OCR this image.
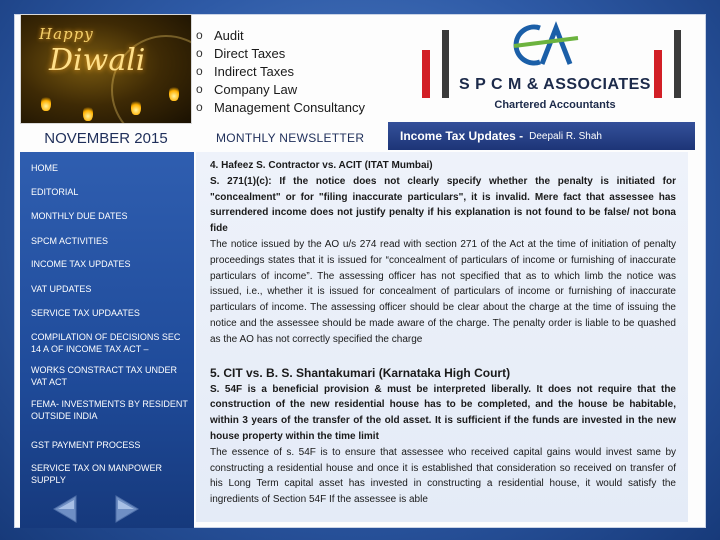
Happy
Diwali
o Audit
o Direct Taxes
o Indirect Taxes
o Company Law
o Management Consultancy
S P C M & ASSOCIATES
Chartered Accountants
NOVEMBER 2015	MONTHLY NEWSLETTER	Income Tax Updates - Deepali R. Shah
HOME
EDITORIAL
MONTHLY DUE DATES
SPCM ACTIVITIES
INCOME TAX UPDATES
VAT UPDATES
SERVICE TAX UPDAATES
COMPILATION OF DECISIONS SEC 14 A OF INCOME TAX ACT –
WORKS CONSTRACT TAX UNDER VAT ACT
FEMA- INVESTMENTS BY RESIDENT OUTSIDE INDIA
GST PAYMENT PROCESS
SERVICE TAX ON MANPOWER SUPPLY

4. Hafeez S. Contractor vs. ACIT (ITAT Mumbai)

S. 271(1)(c): If the notice does not clearly specify whether the penalty is initiated for "concealment" or for "filing inaccurate particulars", it is invalid. Mere fact that assessee has surrendered income does not justify penalty if his explanation is not found to be false/ not bona fide

The notice issued by the AO u/s 274 read with section 271 of the Act at the time of initiation of penalty proceedings states that it is issued for “concealment of particulars of income or furnishing of inaccurate particulars of income”. The assessing officer has not specified that as to which limb the notice was issued, i.e., whether it is issued for concealment of particulars of income or furnishing of inaccurate particulars of income. The assessing officer should be clear about the charge at the time of issuing the notice and the assessee should be made aware of the charge. The penalty order is liable to be quashed as the AO has not correctly specified the charge

5. CIT vs. B. S. Shantakumari (Karnataka High Court)

S. 54F is a beneficial provision & must be interpreted liberally. It does not require that the construction of the new residential house has to be completed, and the house be habitable, within 3 years of the transfer of the old asset. It is sufficient if the funds are invested in the new house property within the time limit

The essence of s. 54F is to ensure that assessee who received capital gains would invest same by constructing a residential house and once it is established that consideration so received on transfer of his Long Term capital asset has invested in constructing a residential house, it would satisfy the ingredients of Section 54F If the assessee is able
